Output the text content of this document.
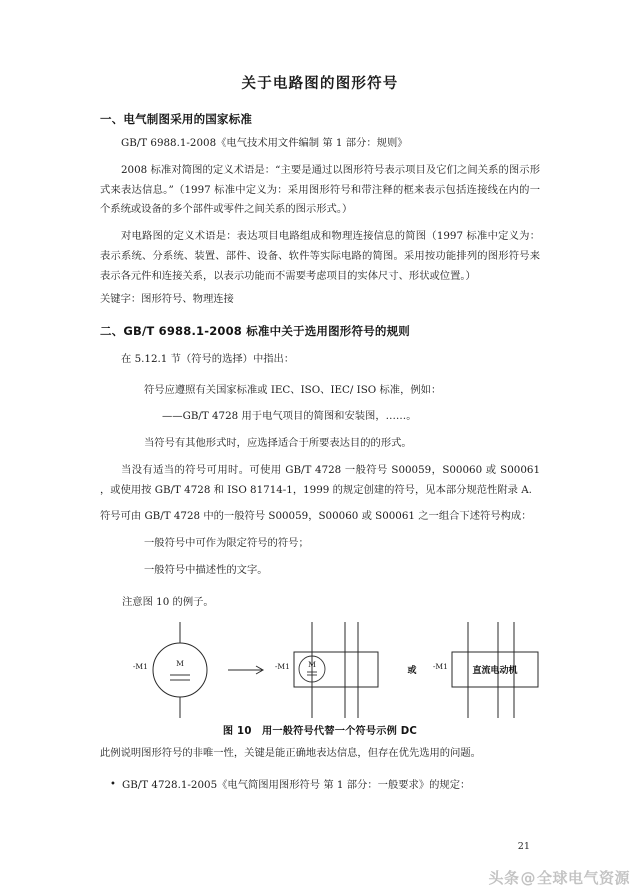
关于电路图的图形符号
一、电气制图采用的国家标准

GB/T 6988.1-2008《电气技术用文件编制 第 1 部分：规则》

2008 标准对简图的定义术语是：“主要是通过以图形符号表示项目及它们之间关系的图示形式来表达信息。”（1997 标准中定义为：采用图形符号和带注释的框来表示包括连接线在内的一个系统或设备的多个部件或零件之间关系的图示形式。）

对电路图的定义术语是：表达项目电路组成和物理连接信息的简图（1997 标准中定义为：表示系统、分系统、装置、部件、设备、软件等实际电路的简图。采用按功能排列的图形符号来表示各元件和连接关系，以表示功能而不需要考虑项目的实体尺寸、形状或位置。）

关键字：图形符号、物理连接

二、GB/T 6988.1-2008 标准中关于选用图形符号的规则

在 5.12.1 节（符号的选择）中指出：

符号应遵照有关国家标准或 IEC、ISO、IEC/ ISO 标准，例如：

——GB/T 4728 用于电气项目的简图和安装图，……。

当符号有其他形式时，应选择适合于所要表达目的的形式。

当没有适当的符号可用时。可使用 GB/T 4728 一般符号 S00059，S00060 或 S00061 ，或使用按 GB/T 4728 和 ISO 81714-1，1999 的规定创建的符号，见本部分规范性附录 A.

符号可由 GB/T 4728 中的一般符号 S00059，S00060 或 S00061 之一组合下述符号构成：

一般符号中可作为限定符号的符号；

一般符号中描述性的文字。

注意图 10 的例子。

M
-M1	M
-M1	或	直流电动机
-M1

图 10　用一般符号代替一个符号示例 DC

此例说明图形符号的非唯一性，关键是能正确地表达信息，但存在优先选用的问题。

• GB/T 4728.1-2005《电气简图用图形符号 第 1 部分：一般要求》的规定：

21
头条@全球电气资源
